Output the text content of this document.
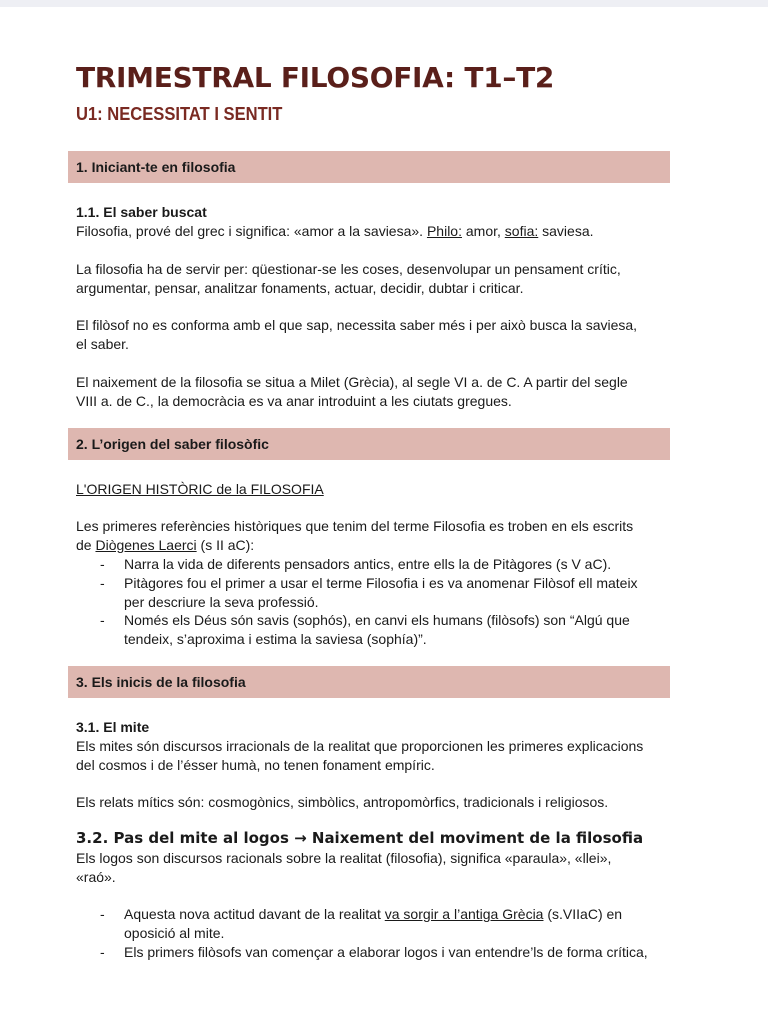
TRIMESTRAL FILOSOFIA: T1–T2
U1: NECESSITAT I SENTIT
1. Iniciant-te en filosofia
1.1. El saber buscat
Filosofia, prové del grec i significa: «amor a la saviesa». Philo: amor, sofia: saviesa.
La filosofia ha de servir per: qüestionar-se les coses, desenvolupar un pensament crític,
argumentar, pensar, analitzar fonaments, actuar, decidir, dubtar i criticar.
El filòsof no es conforma amb el que sap, necessita saber més i per això busca la saviesa,
el saber.
El naixement de la filosofia se situa a Milet (Grècia), al segle VI a. de C. A partir del segle
VIII a. de C., la democràcia es va anar introduint a les ciutats gregues.
2. L’origen del saber filosòfic
L'ORIGEN HISTÒRIC de la FILOSOFIA
Les primeres referències històriques que tenim del terme Filosofia es troben en els escrits
de Diògenes Laerci (s II aC):
- Narra la vida de diferents pensadors antics, entre ells la de Pitàgores (s V aC).
- Pitàgores fou el primer a usar el terme Filosofia i es va anomenar Filòsof ell mateix
per descriure la seva professió.
- Només els Déus són savis (sophós), en canvi els humans (filòsofs) son “Algú que
tendeix, s’aproxima i estima la saviesa (sophía)”.
3. Els inicis de la filosofia
3.1. El mite
Els mites són discursos irracionals de la realitat que proporcionen les primeres explicacions
del cosmos i de l’ésser humà, no tenen fonament empíric.
Els relats mítics són: cosmogònics, simbòlics, antropomòrfics, tradicionals i religiosos.
3.2. Pas del mite al logos → Naixement del moviment de la filosofia
Els logos son discursos racionals sobre la realitat (filosofia), significa «paraula», «llei»,
«raó».
- Aquesta nova actitud davant de la realitat va sorgir a l’antiga Grècia (s.VIIaC) en
oposició al mite.
- Els primers filòsofs van començar a elaborar logos i van entendre’ls de forma crítica,
